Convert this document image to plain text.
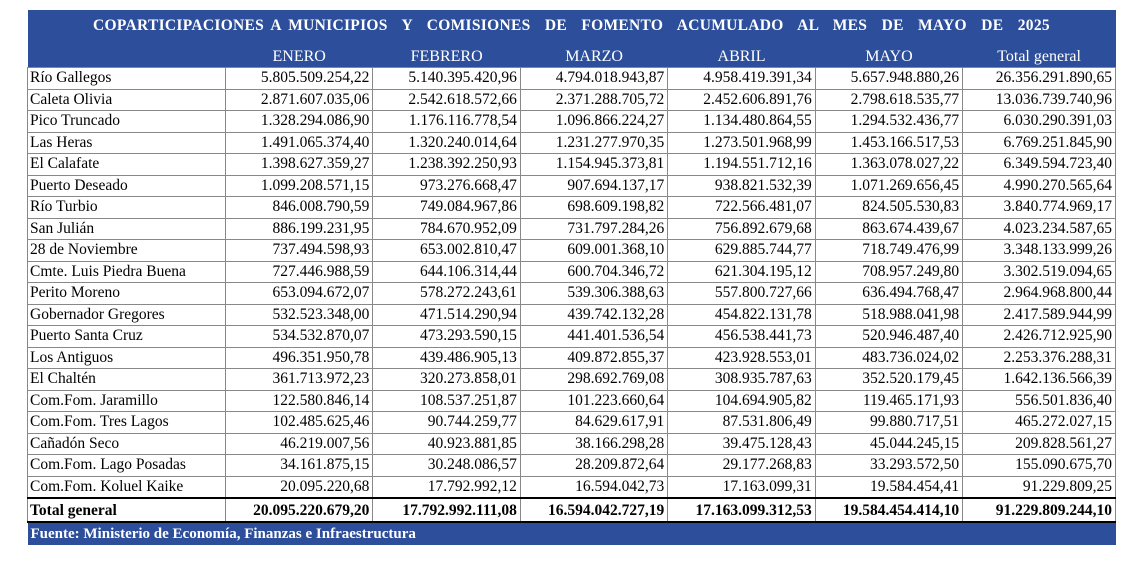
COPARTICIPACIONES A MUNICIPIOS  Y  COMISIONES  DE  FOMENTO  ACUMULADO  AL  MES  DE  MAYO  DE  2025						
	ENERO	FEBRERO	MARZO	ABRIL	MAYO	Total general
Río Gallegos	5.805.509.254,22	5.140.395.420,96	4.794.018.943,87	4.958.419.391,34	5.657.948.880,26	26.356.291.890,65
Caleta Olivia	2.871.607.035,06	2.542.618.572,66	2.371.288.705,72	2.452.606.891,76	2.798.618.535,77	13.036.739.740,96
Pico Truncado	1.328.294.086,90	1.176.116.778,54	1.096.866.224,27	1.134.480.864,55	1.294.532.436,77	6.030.290.391,03
Las Heras	1.491.065.374,40	1.320.240.014,64	1.231.277.970,35	1.273.501.968,99	1.453.166.517,53	6.769.251.845,90
El Calafate	1.398.627.359,27	1.238.392.250,93	1.154.945.373,81	1.194.551.712,16	1.363.078.027,22	6.349.594.723,40
Puerto Deseado	1.099.208.571,15	973.276.668,47	907.694.137,17	938.821.532,39	1.071.269.656,45	4.990.270.565,64
Río Turbio	846.008.790,59	749.084.967,86	698.609.198,82	722.566.481,07	824.505.530,83	3.840.774.969,17
San Julián	886.199.231,95	784.670.952,09	731.797.284,26	756.892.679,68	863.674.439,67	4.023.234.587,65
28 de Noviembre	737.494.598,93	653.002.810,47	609.001.368,10	629.885.744,77	718.749.476,99	3.348.133.999,26
Cmte. Luis Piedra Buena	727.446.988,59	644.106.314,44	600.704.346,72	621.304.195,12	708.957.249,80	3.302.519.094,65
Perito Moreno	653.094.672,07	578.272.243,61	539.306.388,63	557.800.727,66	636.494.768,47	2.964.968.800,44
Gobernador Gregores	532.523.348,00	471.514.290,94	439.742.132,28	454.822.131,78	518.988.041,98	2.417.589.944,99
Puerto Santa Cruz	534.532.870,07	473.293.590,15	441.401.536,54	456.538.441,73	520.946.487,40	2.426.712.925,90
Los Antiguos	496.351.950,78	439.486.905,13	409.872.855,37	423.928.553,01	483.736.024,02	2.253.376.288,31
El Chaltén	361.713.972,23	320.273.858,01	298.692.769,08	308.935.787,63	352.520.179,45	1.642.136.566,39
Com.Fom. Jaramillo	122.580.846,14	108.537.251,87	101.223.660,64	104.694.905,82	119.465.171,93	556.501.836,40
Com.Fom. Tres Lagos	102.485.625,46	90.744.259,77	84.629.617,91	87.531.806,49	99.880.717,51	465.272.027,15
Cañadón Seco	46.219.007,56	40.923.881,85	38.166.298,28	39.475.128,43	45.044.245,15	209.828.561,27
Com.Fom. Lago Posadas	34.161.875,15	30.248.086,57	28.209.872,64	29.177.268,83	33.293.572,50	155.090.675,70
Com.Fom. Koluel Kaike	20.095.220,68	17.792.992,12	16.594.042,73	17.163.099,31	19.584.454,41	91.229.809,25
Total general	20.095.220.679,20	17.792.992.111,08	16.594.042.727,19	17.163.099.312,53	19.584.454.414,10	91.229.809.244,10
Fuente: Ministerio de Economía, Finanzas e Infraestructura						
